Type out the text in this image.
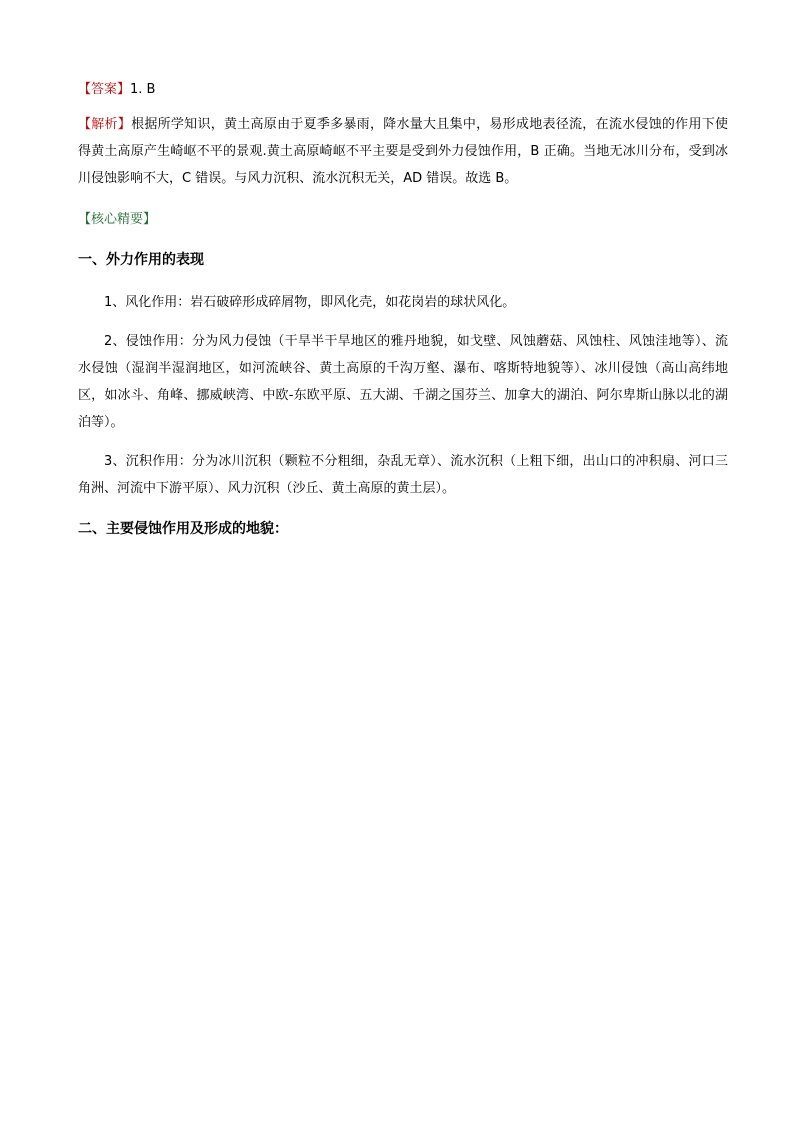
【答案】1. B

【解析】根据所学知识，黄土高原由于夏季多暴雨，降水量大且集中，易形成地表径流，在流水侵蚀的作用下使得黄土高原产生崎岖不平的景观.黄土高原崎岖不平主要是受到外力侵蚀作用，B 正确。当地无冰川分布，受到冰川侵蚀影响不大，C 错误。与风力沉积、流水沉积无关，AD 错误。故选 B。

【核心精要】

一、外力作用的表现

1、风化作用：岩石破碎形成碎屑物，即风化壳，如花岗岩的球状风化。

2、侵蚀作用：分为风力侵蚀（干旱半干旱地区的雅丹地貌，如戈壁、风蚀蘑菇、风蚀柱、风蚀洼地等）、流水侵蚀（湿润半湿润地区，如河流峡谷、黄土高原的千沟万壑、瀑布、喀斯特地貌等）、冰川侵蚀（高山高纬地区，如冰斗、角峰、挪威峡湾、中欧-东欧平原、五大湖、千湖之国芬兰、加拿大的湖泊、阿尔卑斯山脉以北的湖泊等）。

3、沉积作用：分为冰川沉积（颗粒不分粗细，杂乱无章）、流水沉积（上粗下细，出山口的冲积扇、河口三角洲、河流中下游平原）、风力沉积（沙丘、黄土高原的黄土层）。

二、主要侵蚀作用及形成的地貌：
